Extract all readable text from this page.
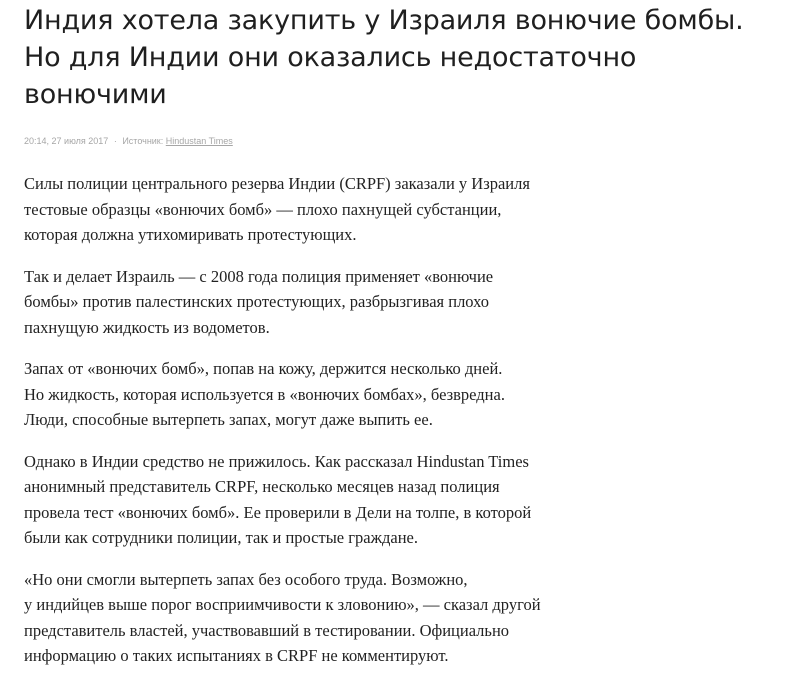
Индия хотела закупить у Израиля вонючие бомбы.
Но для Индии они оказались недостаточно
вонючими
20:14, 27 июля 2017 · Источник: Hindustan Times

Силы полиции центрального резерва Индии (CRPF) заказали у Израиля
тестовые образцы «вонючих бомб» — плохо пахнущей субстанции,
которая должна утихомиривать протестующих.

Так и делает Израиль — с 2008 года полиция применяет «вонючие
бомбы» против палестинских протестующих, разбрызгивая плохо
пахнущую жидкость из водометов.

Запах от «вонючих бомб», попав на кожу, держится несколько дней.
Но жидкость, которая используется в «вонючих бомбах», безвредна.
Люди, способные вытерпеть запах, могут даже выпить ее.

Однако в Индии средство не прижилось. Как рассказал Hindustan Times
анонимный представитель CRPF, несколько месяцев назад полиция
провела тест «вонючих бомб». Ее проверили в Дели на толпе, в которой
были как сотрудники полиции, так и простые граждане.

«Но они смогли вытерпеть запах без особого труда. Возможно,
у индийцев выше порог восприимчивости к зловонию», — сказал другой
представитель властей, участвовавший в тестировании. Официально
информацию о таких испытаниях в CRPF не комментируют.
